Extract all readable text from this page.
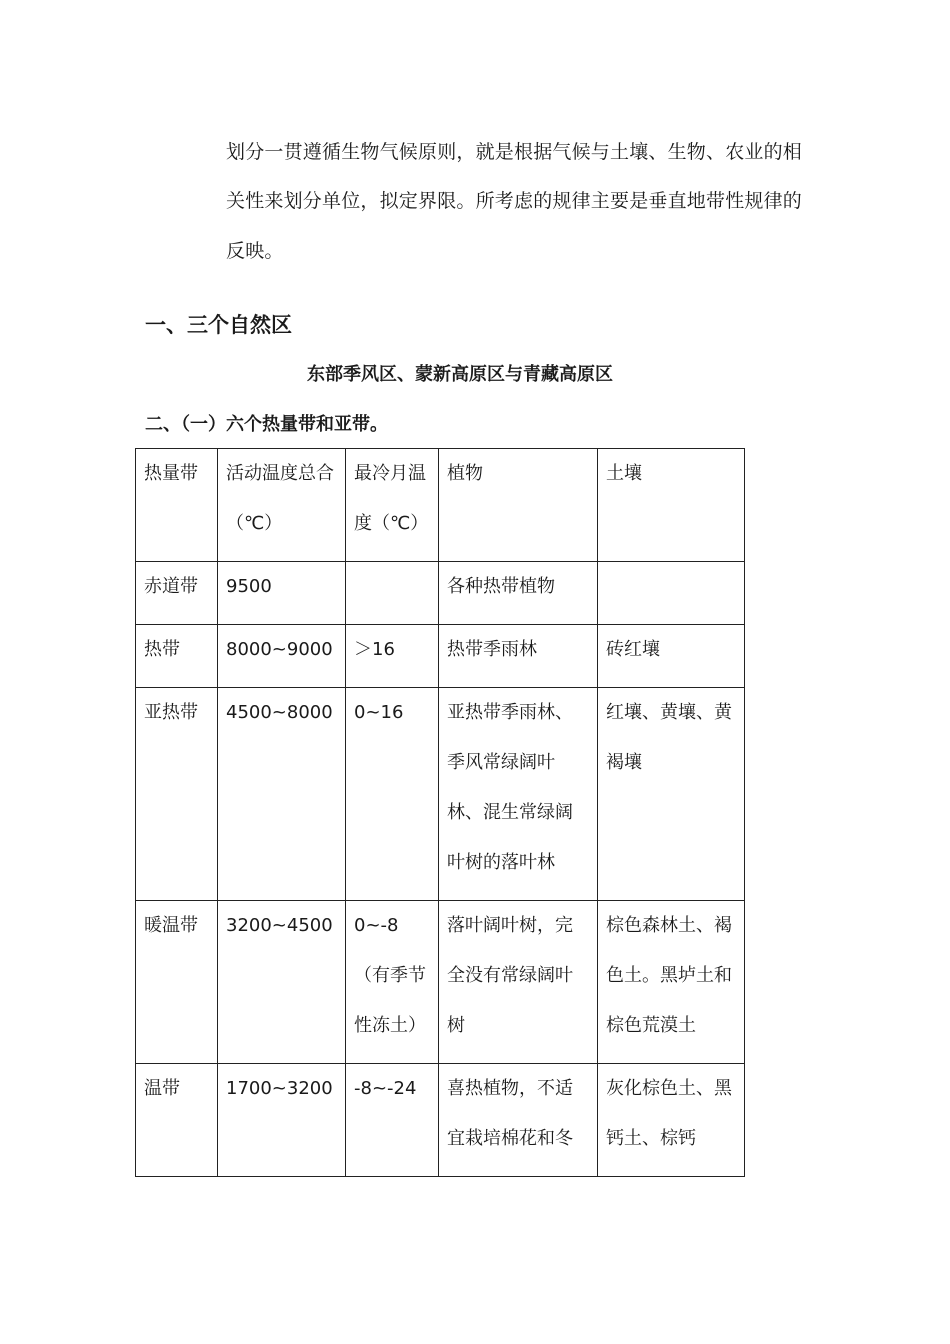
划分一贯遵循生物气候原则，就是根据气候与土壤、生物、农业的相
关性来划分单位，拟定界限。所考虑的规律主要是垂直地带性规律的
反映。
一、三个自然区
东部季风区、蒙新高原区与青藏高原区
二、（一）六个热量带和亚带。
热量带	活动温度总合（℃）	最冷月温度（℃）	植物	土壤

赤道带	9500		各种热带植物	

热带	8000~9000	＞16	热带季雨林	砖红壤

亚热带	4500~8000	0~16	亚热带季雨林、季风常绿阔叶林、混生常绿阔叶树的落叶林	红壤、黄壤、黄褐壤

暖温带	3200~4500	0~-8（有季节性冻土）	落叶阔叶树，完全没有常绿阔叶树	棕色森林土、褐色土。黑垆土和棕色荒漠土

温带	1700~3200	-8~-24	喜热植物，不适宜栽培棉花和冬	灰化棕色土、黑钙土、棕钙
